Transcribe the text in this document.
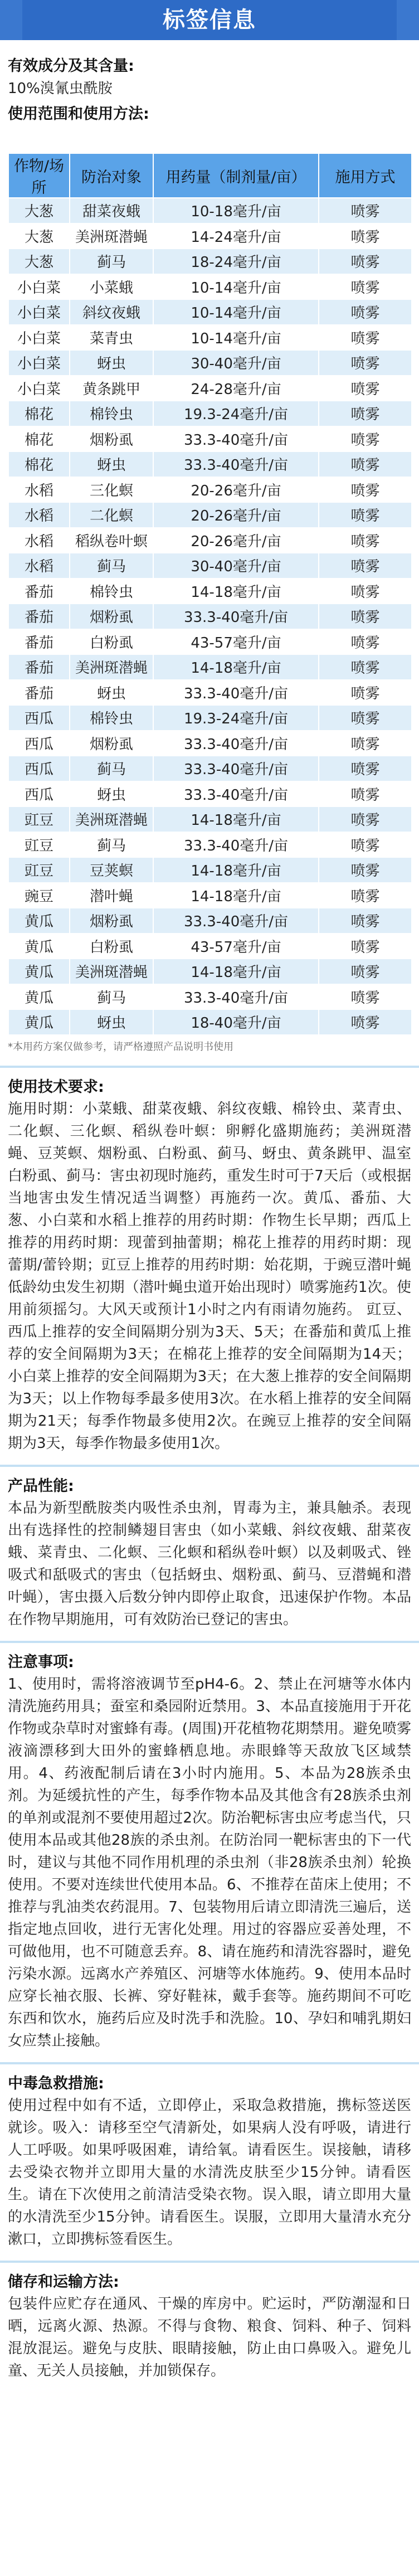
标签信息
有效成分及其含量:
10%溴氰虫酰胺
使用范围和使用方法:
作物/场所	防治对象	用药量（制剂量/亩）	施用方式
大葱	甜菜夜蛾	10-18毫升/亩	喷雾
大葱	美洲斑潜蝇	14-24毫升/亩	喷雾
大葱	蓟马	18-24毫升/亩	喷雾
小白菜	小菜蛾	10-14毫升/亩	喷雾
小白菜	斜纹夜蛾	10-14毫升/亩	喷雾
小白菜	菜青虫	10-14毫升/亩	喷雾
小白菜	蚜虫	30-40毫升/亩	喷雾
小白菜	黄条跳甲	24-28毫升/亩	喷雾
棉花	棉铃虫	19.3-24毫升/亩	喷雾
棉花	烟粉虱	33.3-40毫升/亩	喷雾
棉花	蚜虫	33.3-40毫升/亩	喷雾
水稻	三化螟	20-26毫升/亩	喷雾
水稻	二化螟	20-26毫升/亩	喷雾
水稻	稻纵卷叶螟	20-26毫升/亩	喷雾
水稻	蓟马	30-40毫升/亩	喷雾
番茄	棉铃虫	14-18毫升/亩	喷雾
番茄	烟粉虱	33.3-40毫升/亩	喷雾
番茄	白粉虱	43-57毫升/亩	喷雾
番茄	美洲斑潜蝇	14-18毫升/亩	喷雾
番茄	蚜虫	33.3-40毫升/亩	喷雾
西瓜	棉铃虫	19.3-24毫升/亩	喷雾
西瓜	烟粉虱	33.3-40毫升/亩	喷雾
西瓜	蓟马	33.3-40毫升/亩	喷雾
西瓜	蚜虫	33.3-40毫升/亩	喷雾
豇豆	美洲斑潜蝇	14-18毫升/亩	喷雾
豇豆	蓟马	33.3-40毫升/亩	喷雾
豇豆	豆荚螟	14-18毫升/亩	喷雾
豌豆	潜叶蝇	14-18毫升/亩	喷雾
黄瓜	烟粉虱	33.3-40毫升/亩	喷雾
黄瓜	白粉虱	43-57毫升/亩	喷雾
黄瓜	美洲斑潜蝇	14-18毫升/亩	喷雾
黄瓜	蓟马	33.3-40毫升/亩	喷雾
黄瓜	蚜虫	18-40毫升/亩	喷雾
*本用药方案仅做参考，请严格遵照产品说明书使用
使用技术要求:
施用时期：小菜蛾、甜菜夜蛾、斜纹夜蛾、棉铃虫、菜青虫、二化螟、三化螟、稻纵卷叶螟：卵孵化盛期施药；美洲斑潜蝇、豆荚螟、烟粉虱、白粉虱、蓟马、蚜虫、黄条跳甲、温室白粉虱、蓟马：害虫初现时施药，重发生时可于7天后（或根据当地害虫发生情况适当调整）再施药一次。黄瓜、番茄、大葱、小白菜和水稻上推荐的用药时期：作物生长早期；西瓜上推荐的用药时期：现蕾到抽蕾期；棉花上推荐的用药时期：现蕾期/蕾铃期；豇豆上推荐的用药时期：始花期，于豌豆潜叶蝇低龄幼虫发生初期（潜叶蝇虫道开始出现时）喷雾施药1次。使用前须摇匀。大风天或预计1小时之内有雨请勿施药。 豇豆、西瓜上推荐的安全间隔期分别为3天、5天；在番茄和黄瓜上推荐的安全间隔期为3天；在棉花上推荐的安全间隔期为14天；小白菜上推荐的安全间隔期为3天；在大葱上推荐的安全间隔期为3天；以上作物每季最多使用3次。在水稻上推荐的安全间隔期为21天；每季作物最多使用2次。在豌豆上推荐的安全间隔期为3天，每季作物最多使用1次。
产品性能:
本品为新型酰胺类内吸性杀虫剂，胃毒为主，兼具触杀。表现出有选择性的控制鳞翅目害虫（如小菜蛾、斜纹夜蛾、甜菜夜蛾、菜青虫、二化螟、三化螟和稻纵卷叶螟）以及刺吸式、锉吸式和舐吸式的害虫（包括蚜虫、烟粉虱、蓟马、豆潜蝇和潜叶蝇），害虫摄入后数分钟内即停止取食，迅速保护作物。本品在作物早期施用，可有效防治已登记的害虫。
注意事项:
1、使用时，需将溶液调节至pH4-6。2、禁止在河塘等水体内清洗施药用具；蚕室和桑园附近禁用。3、本品直接施用于开花作物或杂草时对蜜蜂有毒。(周围)开花植物花期禁用。避免喷雾液滴漂移到大田外的蜜蜂栖息地。赤眼蜂等天敌放飞区域禁用。4、药液配制后请在3小时内施用。5、本品为28族杀虫剂。为延缓抗性的产生，每季作物本品及其他含有28族杀虫剂的单剂或混剂不要使用超过2次。防治靶标害虫应考虑当代，只使用本品或其他28族的杀虫剂。在防治同一靶标害虫的下一代时，建议与其他不同作用机理的杀虫剂（非28族杀虫剂）轮换使用。不要对连续世代使用本品。6、不推荐在苗床上使用；不推荐与乳油类农药混用。7、包装物用后请立即清洗三遍后，送指定地点回收，进行无害化处理。用过的容器应妥善处理，不可做他用，也不可随意丢弃。8、请在施药和清洗容器时，避免污染水源。远离水产养殖区、河塘等水体施药。9、使用本品时应穿长袖衣服、长裤、穿好鞋袜，戴手套等。施药期间不可吃东西和饮水，施药后应及时洗手和洗脸。10、孕妇和哺乳期妇女应禁止接触。
中毒急救措施:
使用过程中如有不适，立即停止，采取急救措施，携标签送医就诊。吸入：请移至空气清新处，如果病人没有呼吸，请进行人工呼吸。如果呼吸困难，请给氧。请看医生。误接触，请移去受染衣物并立即用大量的水清洗皮肤至少15分钟。请看医生。请在下次使用之前清洁受染衣物。误入眼，请立即用大量的水清洗至少15分钟。请看医生。误服，立即用大量清水充分漱口，立即携标签看医生。
储存和运输方法:
包装件应贮存在通风、干燥的库房中。贮运时，严防潮湿和日晒，远离火源、热源。不得与食物、粮食、饲料、种子、饲料混放混运。避免与皮肤、眼睛接触，防止由口鼻吸入。避免儿童、无关人员接触，并加锁保存。
